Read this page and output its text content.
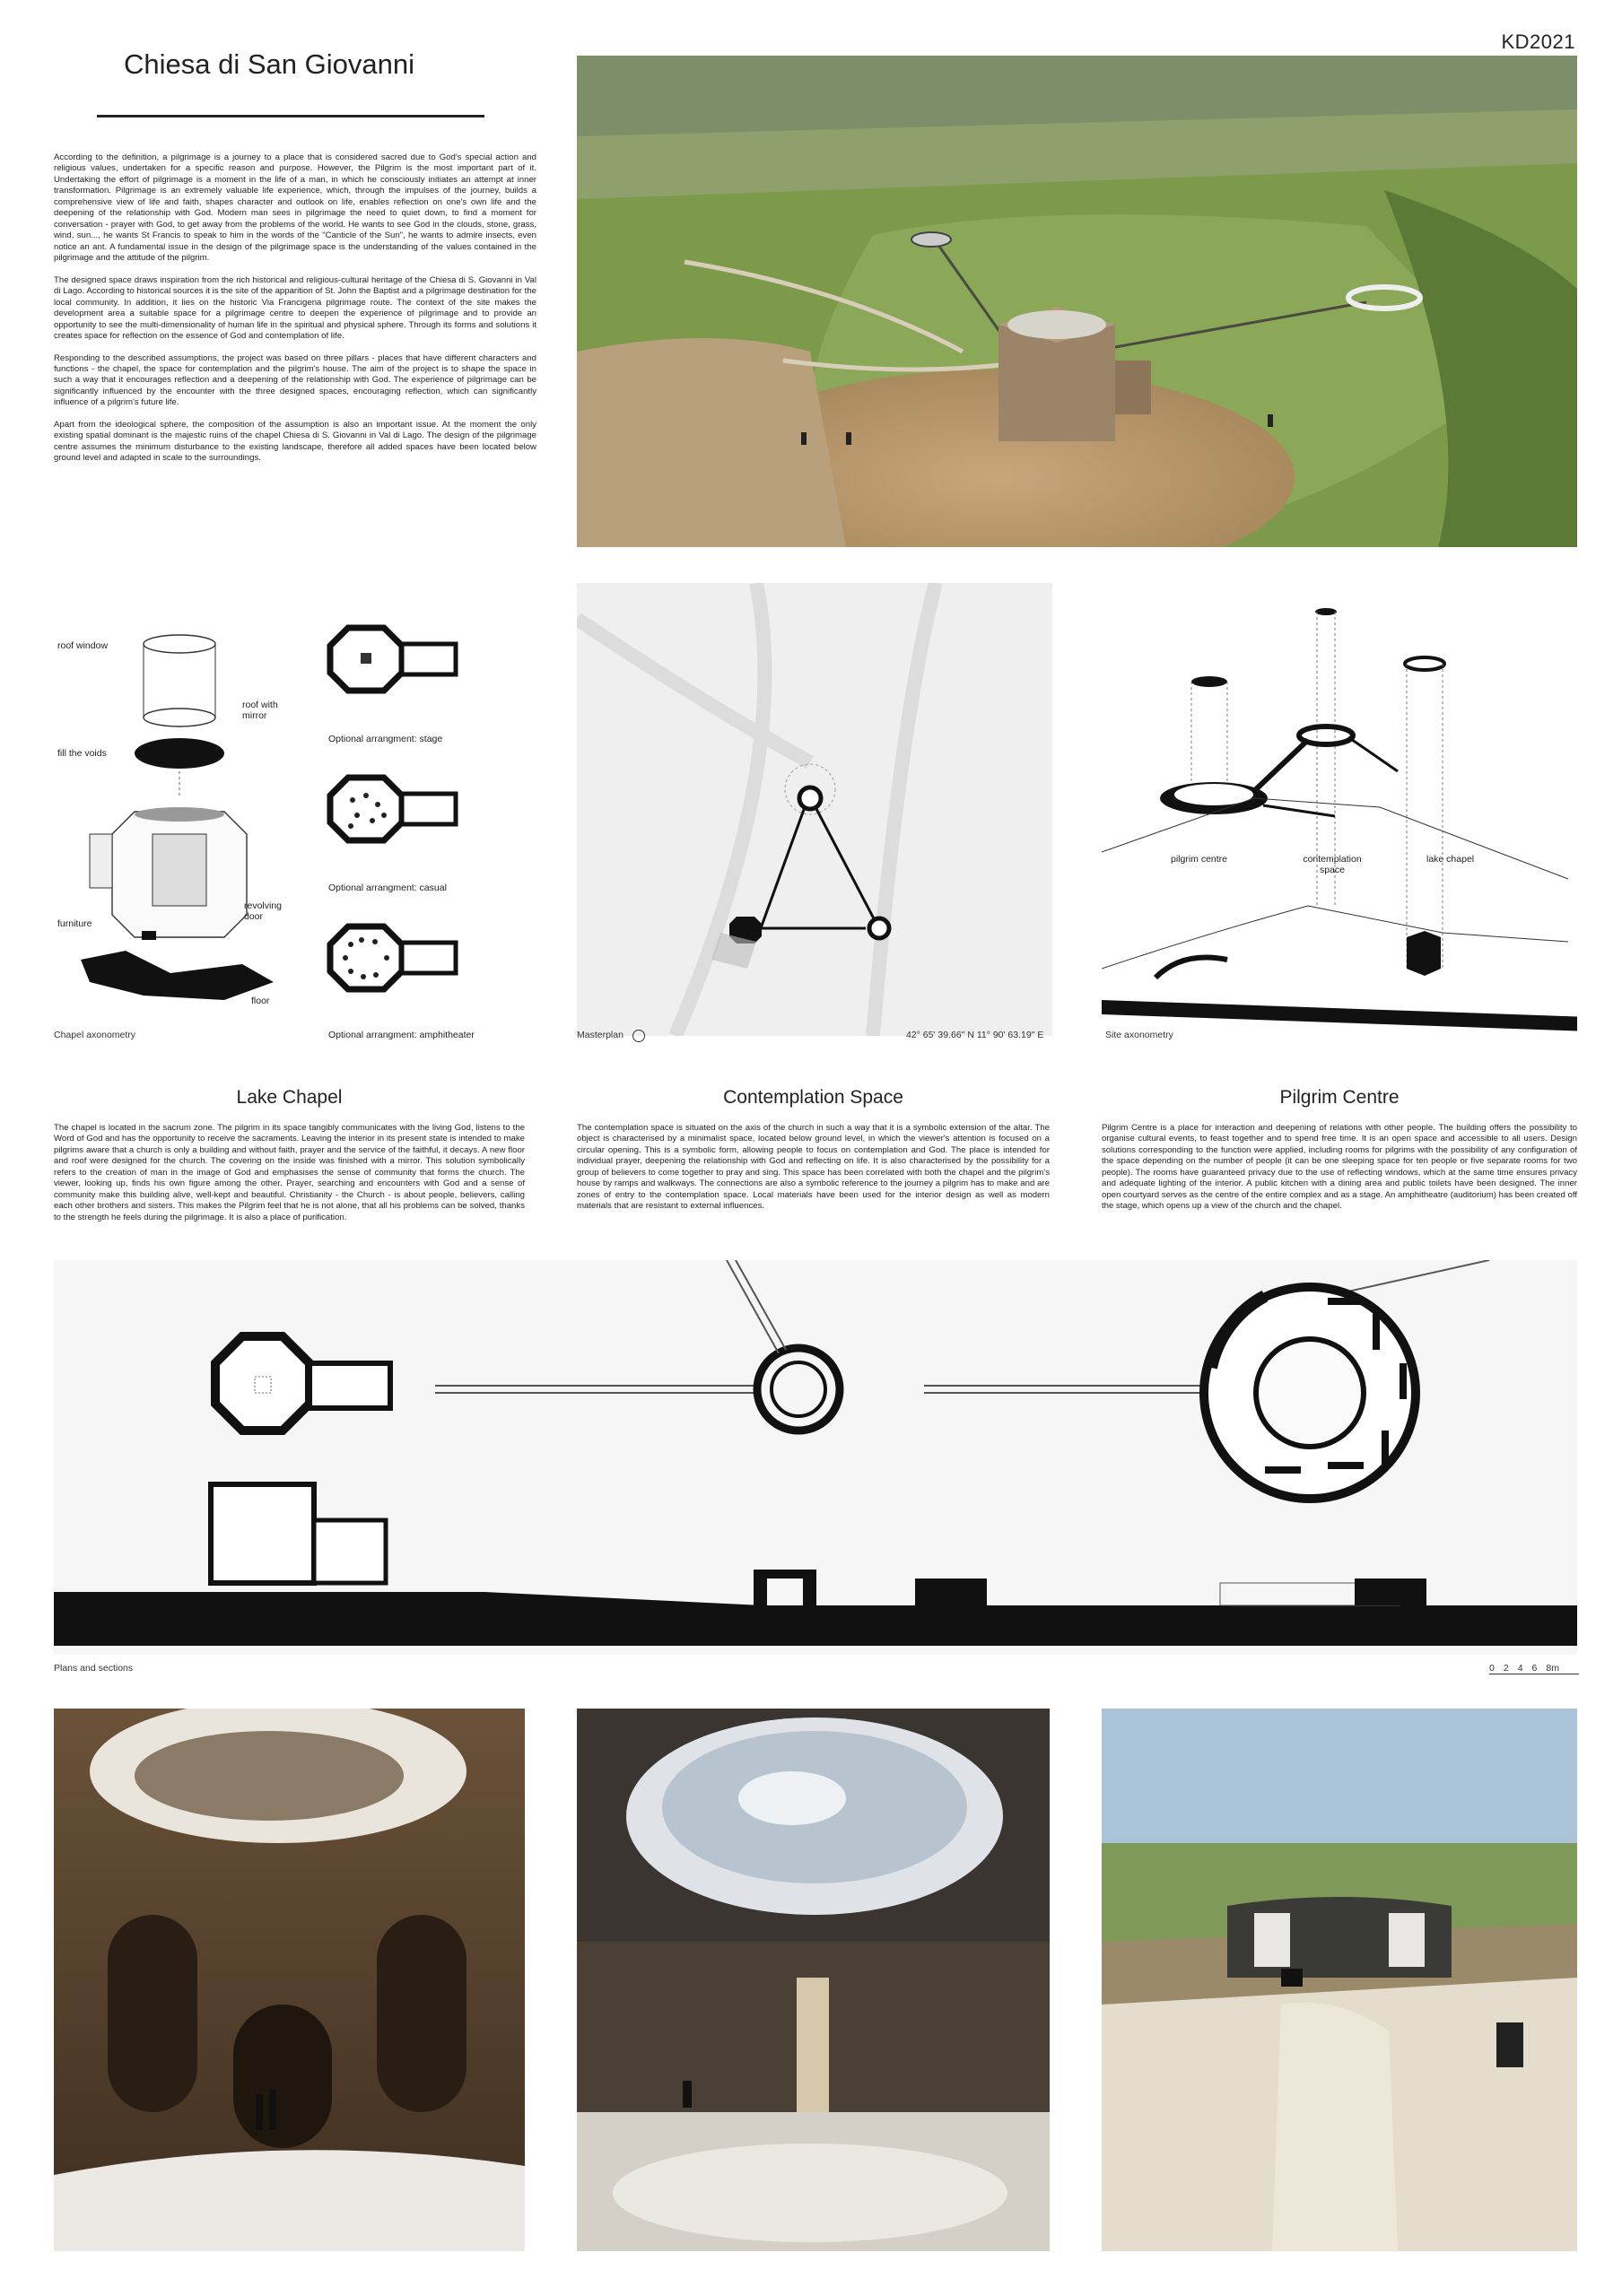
KD2021
Chiesa di San Giovanni

According to the definition, a pilgrimage is a journey to a place that is considered sacred due to God's special action and religious values, undertaken for a specific reason and purpose. However, the Pilgrim is the most important part of it. Undertaking the effort of pilgrimage is a moment in the life of a man, in which he consciously initiates an attempt at inner transformation. Pilgrimage is an extremely valuable life experience, which, through the impulses of the journey, builds a comprehensive view of life and faith, shapes character and outlook on life, enables reflection on one's own life and the deepening of the relationship with God. Modern man sees in pilgrimage the need to quiet down, to find a moment for conversation - prayer with God, to get away from the problems of the world. He wants to see God in the clouds, stone, grass, wind, sun..., he wants St Francis to speak to him in the words of the "Canticle of the Sun", he wants to admire insects, even notice an ant. A fundamental issue in the design of the pilgrimage space is the understanding of the values contained in the pilgrimage and the attitude of the pilgrim.

The designed space draws inspiration from the rich historical and religious-cultural heritage of the Chiesa di S. Giovanni in Val di Lago. According to historical sources it is the site of the apparition of St. John the Baptist and a pilgrimage destination for the local community. In addition, it lies on the historic Via Francigena pilgrimage route. The context of the site makes the development area a suitable space for a pilgrimage centre to deepen the experience of pilgrimage and to provide an opportunity to see the multi-dimensionality of human life in the spiritual and physical sphere. Through its forms and solutions it creates space for reflection on the essence of God and contemplation of life.

Responding to the described assumptions, the project was based on three pillars - places that have different characters and functions - the chapel, the space for contemplation and the pilgrim's house. The aim of the project is to shape the space in such a way that it encourages reflection and a deepening of the relationship with God. The experience of pilgrimage can be significantly influenced by the encounter with the three designed spaces, encouraging reflection, which can significantly influence of a pilgrim's future life.

Apart from the ideological sphere, the composition of the assumption is also an important issue. At the moment the only existing spatial dominant is the majestic ruins of the chapel Chiesa di S. Giovanni in Val di Lago. The design of the pilgrimage centre assumes the minimum disturbance to the existing landscape, therefore all added spaces have been located below ground level and adapted in scale to the surroundings.

roof window
roof with mirror
fill the voids
revolving door
furniture
floor
Chapel axonometry
Optional arrangment: stage
Optional arrangment: casual
Optional arrangment: amphitheater	Masterplan	42° 65' 39.66" N 11° 90' 63.19" E
pilgrim centre	contemplation space
lake chapel
Site axonometry
Lake Chapel
The chapel is located in the sacrum zone. The pilgrim in its space tangibly communicates with the living God, listens to the Word of God and has the opportunity to receive the sacraments. Leaving the interior in its present state is intended to make pilgrims aware that a church is only a building and without faith, prayer and the service of the faithful, it decays. A new floor and roof were designed for the church. The covering on the inside was finished with a mirror. This solution symbolically refers to the creation of man in the image of God and emphasises the sense of community that forms the church. The viewer, looking up, finds his own figure among the other. Prayer, searching and encounters with God and a sense of community make this building alive, well-kept and beautiful. Christianity - the Church - is about people, believers, calling each other brothers and sisters. This makes the Pilgrim feel that he is not alone, that all his problems can be solved, thanks to the strength he feels during the pilgrimage. It is also a place of purification.
Contemplation Space
The contemplation space is situated on the axis of the church in such a way that it is a symbolic extension of the altar. The object is characterised by a minimalist space, located below ground level, in which the viewer's attention is focused on a circular opening. This is a symbolic form, allowing people to focus on contemplation and God. The place is intended for individual prayer, deepening the relationship with God and reflecting on life. It is also characterised by the possibility for a group of believers to come together to pray and sing. This space has been correlated with both the chapel and the pilgrim's house by ramps and walkways. The connections are also a symbolic reference to the journey a pilgrim has to make and are zones of entry to the contemplation space. Local materials have been used for the interior design as well as modern materials that are resistant to external influences.
Pilgrim Centre
Pilgrim Centre is a place for interaction and deepening of relations with other people. The building offers the possibility to organise cultural events, to feast together and to spend free time. It is an open space and accessible to all users. Design solutions corresponding to the function were applied, including rooms for pilgrims with the possibility of any configuration of the space depending on the number of people (it can be one sleeping space for ten people or five separate rooms for two people). The rooms have guaranteed privacy due to the use of reflecting windows, which at the same time ensures privacy and adequate lighting of the interior. A public kitchen with a dining area and public toilets have been designed. The inner open courtyard serves as the centre of the entire complex and as a stage. An amphitheatre (auditorium) has been created off the stage, which opens up a view of the church and the chapel.
Plans and sections	0 2 4 6 8m
